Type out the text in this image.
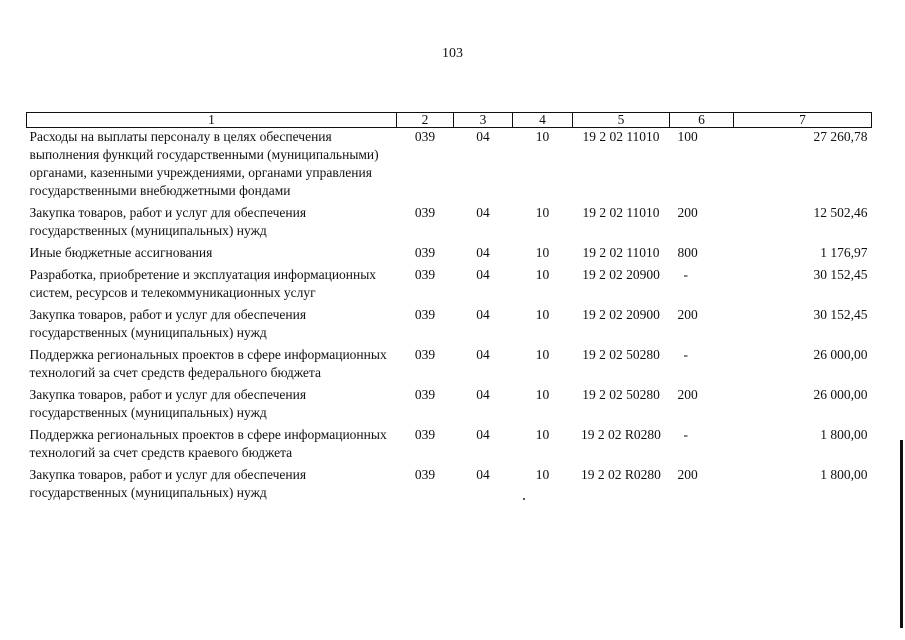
103
1	2	3	4	5	6	7
Расходы на выплаты персоналу в целях обеспечения выполнения функций государственными (муниципальными) органами, казенными учреждениями, органами управления государственными внебюджетными фондами	039	04	10	19 2 02 11010	100	27 260,78
Закупка товаров, работ и услуг для обеспечения государственных (муниципальных) нужд	039	04	10	19 2 02 11010	200	12 502,46
Иные бюджетные ассигнования	039	04	10	19 2 02 11010	800	1 176,97
Разработка, приобретение и эксплуатация информационных систем, ресурсов и телекоммуникационных услуг	039	04	10	19 2 02 20900	-	30 152,45
Закупка товаров, работ и услуг для обеспечения государственных (муниципальных) нужд	039	04	10	19 2 02 20900	200	30 152,45
Поддержка региональных проектов в сфере информационных технологий за счет средств федерального бюджета	039	04	10	19 2 02 50280	-	26 000,00
Закупка товаров, работ и услуг для обеспечения государственных (муниципальных) нужд	039	04	10	19 2 02 50280	200	26 000,00
Поддержка региональных проектов в сфере информационных технологий за счет средств краевого бюджета	039	04	10	19 2 02 R0280	-	1 800,00
Закупка товаров, работ и услуг для обеспечения государственных (муниципальных) нужд	039	04	10	19 2 02 R0280	200	1 800,00
